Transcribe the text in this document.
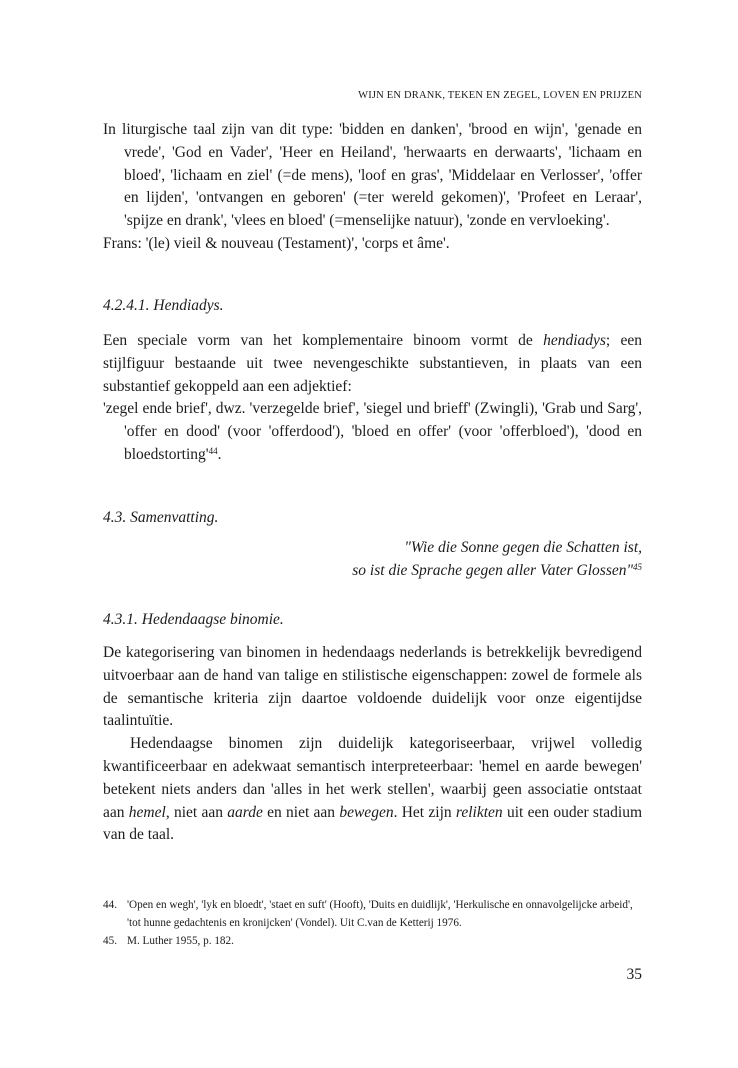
WIJN EN DRANK, TEKEN EN ZEGEL, LOVEN EN PRIJZEN

In liturgische taal zijn van dit type: 'bidden en danken', 'brood en wijn', 'genade en vrede', 'God en Vader', 'Heer en Heiland', 'herwaarts en derwaarts', 'lichaam en bloed', 'lichaam en ziel' (=de mens), 'loof en gras', 'Middelaar en Verlosser', 'offer en lijden', 'ontvangen en geboren' (=ter wereld gekomen)', 'Profeet en Leraar', 'spijze en drank', 'vlees en bloed' (=menselijke natuur), 'zonde en vervloeking'.

Frans: '(le) vieil & nouveau (Testament)', 'corps et âme'.

4.2.4.1. Hendiadys.

Een speciale vorm van het komplementaire binoom vormt de hendiadys; een stijlfiguur bestaande uit twee nevengeschikte substantieven, in plaats van een substantief gekoppeld aan een adjektief:

'zegel ende brief', dwz. 'verzegelde brief', 'siegel und brieff' (Zwingli), 'Grab und Sarg', 'offer en dood' (voor 'offerdood'), 'bloed en offer' (voor 'offerbloed'), 'dood en $bloedstorting'^{44}$.

4.3. Samenvatting.
"Wie die Sonne gegen die Schatten ist,
so ist die Sprache gegen aller Vater Glossen"$^{45}$
4.3.1. Hedendaagse binomie.

De kategorisering van binomen in hedendaags nederlands is betrekkelijk bevredigend uitvoerbaar aan de hand van talige en stilistische eigenschappen: zowel de formele als de semantische kriteria zijn daartoe voldoende duidelijk voor onze eigentijdse taalintuïtie.

Hedendaagse binomen zijn duidelijk kategoriseerbaar, vrijwel volledig kwantificeerbaar en adekwaat semantisch interpreteerbaar: 'hemel en aarde bewegen' betekent niets anders dan 'alles in het werk stellen', waarbij geen associatie ontstaat aan hemel, niet aan aarde en niet aan bewegen. Het zijn relikten uit een ouder stadium van de taal.

44. 'Open en wegh', 'lyk en bloedt', 'staet en suft' (Hooft), 'Duits en duidlijk', 'Herkulische en onnavolgelijcke arbeid', 'tot hunne gedachtenis en kronijcken' (Vondel). Uit C.van de Ketterij 1976.
45. M. Luther 1955, p. 182.
35
